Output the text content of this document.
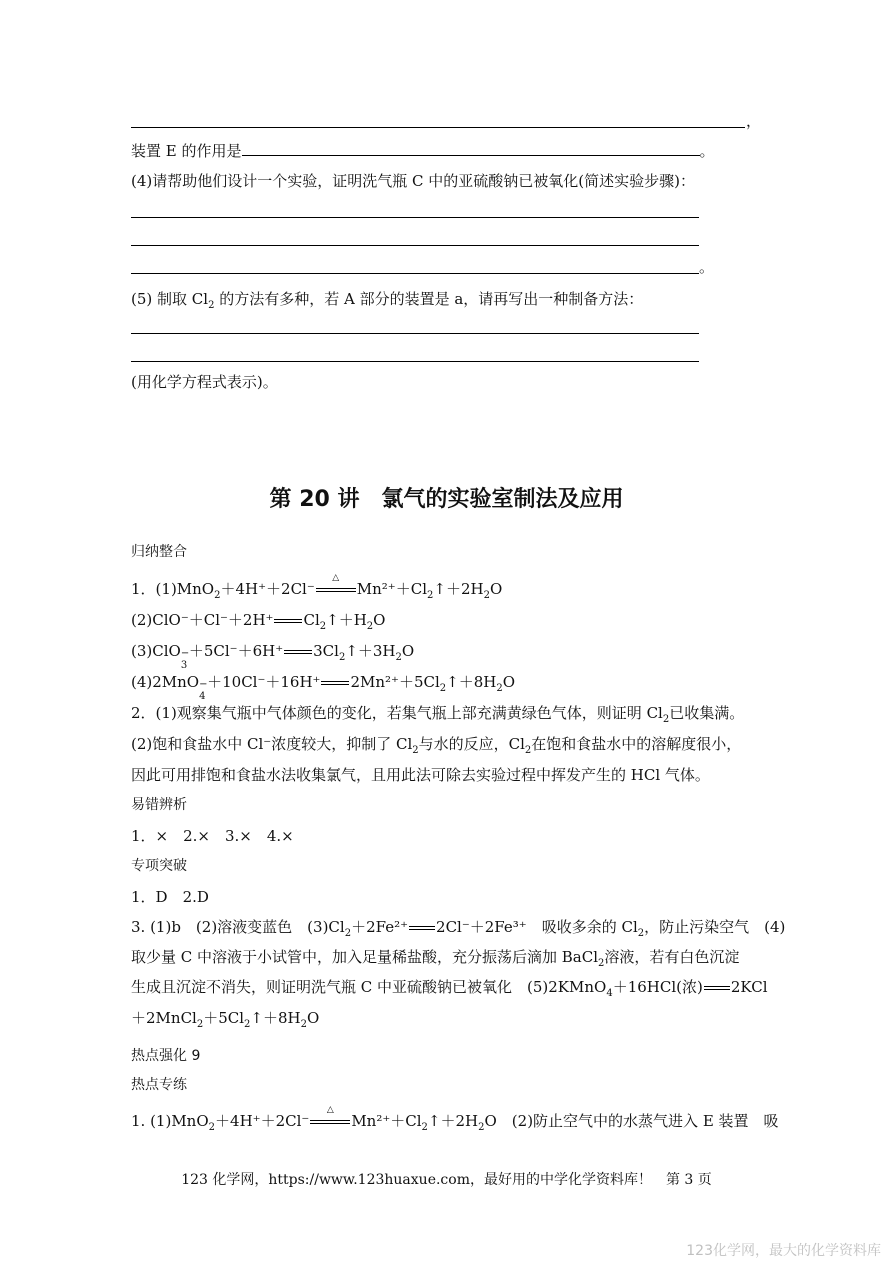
，
装置 E 的作用是	。
(4)请帮助他们设计一个实验，证明洗气瓶 C 中的亚硫酸钠已被氧化(简述实验步骤)：
。
(5) 制取 $Cl_2$ 的方法有多种，若 A 部分的装置是 a，请再写出一种制备方法：
(用化学方程式表示)。
第 20 讲　氯气的实验室制法及应用
归纳整合
1．(1)MnO$_2$＋4H⁺＋2Cl⁻
△
$Mn^{2+}+Cl_2↑+2H_2O$
(2)ClO⁻＋Cl⁻＋2H⁺ $Cl_2↑+H_2O$
(3)ClO −
3
＋5Cl⁻＋6H⁺ $3Cl_2↑+3H_2O$
(4)2MnO −
4
＋10Cl⁻＋16H⁺ $2Mn^{2+}+5Cl_2↑+8H_2O$
2．(1)观察集气瓶中气体颜色的变化，若集气瓶上部充满黄绿色气体，则证明 $Cl_2$已收集满。
(2)饱和食盐水中 Cl⁻浓度较大，抑制了 $Cl_2$与水的反应，$Cl_2$在饱和食盐水中的溶解度很小，
因此可用排饱和食盐水法收集氯气，且用此法可除去实验过程中挥发产生的 HCl 气体。
易错辨析
1．×　2.×　3.×　4.×
专项突破
1．D　2.D
3. (1)b　(2)溶液变蓝色　$(3)Cl_2+2Fe^{2+}$ 2Cl⁻＋2Fe³⁺　吸收多余的 $Cl_2$，防止污染空气　(4)
取少量 C 中溶液于小试管中，加入足量稀盐酸，充分振荡后滴加 BaCl$_2$溶液，若有白色沉淀
生成且沉淀不消失，则证明洗气瓶 C 中亚硫酸钠已被氧化　(5)2KMnO$_4$＋16HCl(浓) 2KCl
$+2MnCl_2+5Cl_2↑+8H_2O$
热点强化 9
热点专练
1. (1)MnO$_2$＋4H⁺＋2Cl⁻
△
$Mn^{2+}+Cl_2↑+2H_2O$　(2)防止空气中的水蒸气进入 E 装置　吸
123 化学网，https://www.123huaxue.com，最好用的中学化学资料库！　第 3 页
123化学网，最大的化学资料库
